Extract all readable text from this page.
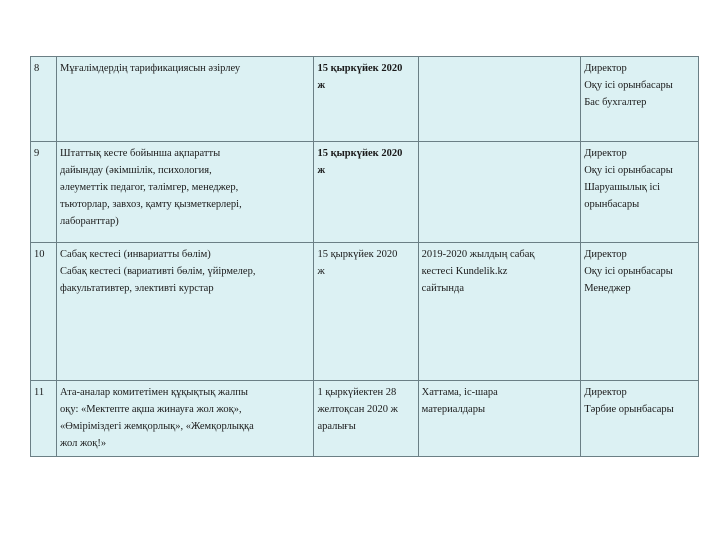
8	Мұғалімдердің тарификациясын әзірлеу	15 қыркүйек 2020
ж		Директор
Оқу ісі орынбасары
Бас бухгалтер

9	Штаттық кесте бойынша ақпаратты
дайындау (әкімшілік, психология,
әлеуметтік педагог, тәлімгер, менеджер,
тьюторлар, завхоз, қамту қызметкерлері,
лаборанттар)	15 қыркүйек 2020
ж		Директор
Оқу ісі орынбасары
Шаруашылық ісі
орынбасары

10	Сабақ кестесі (инвариатты бөлім)
Сабақ кестесі (вариативті бөлім, үйірмелер,
факультативтер, элективті курстар	15 қыркүйек 2020
ж	2019-2020 жылдың сабақ
кестесі Kundelik.kz
сайтында	Директор
Оқу ісі орынбасары
Менеджер

11	Ата-аналар комитетімен құқықтық жалпы
оқу: «Мектепте ақша жинауға жол жоқ»,
«Өміріміздегі жемқорлық», «Жемқорлыққа
жол жоқ!»	1 қыркүйектен 28
желтоқсан 2020 ж
аралығы	Хаттама, іс-шара
материалдары	Директор
Тәрбие орынбасары
